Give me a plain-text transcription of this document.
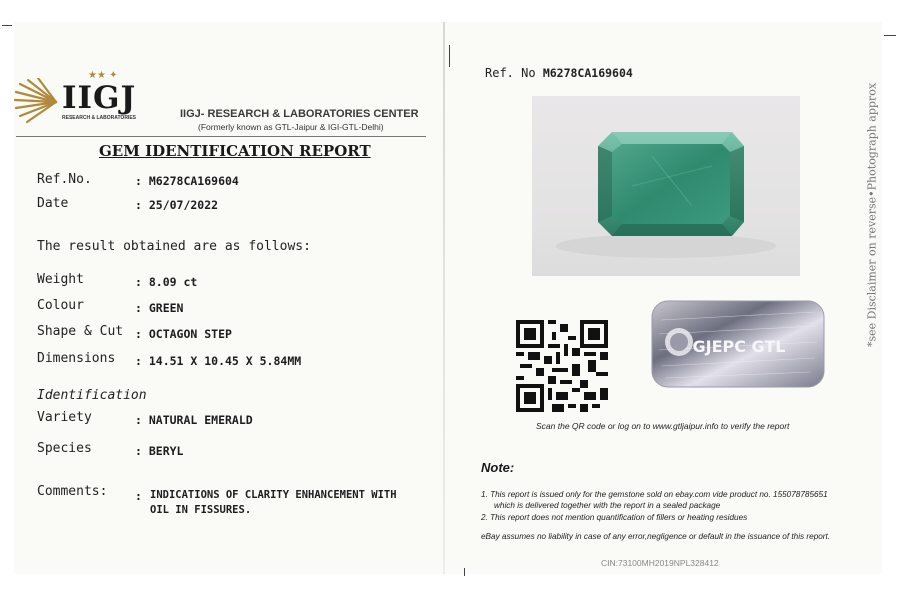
★★ ✦
IIGJ
RESEARCH & LABORATORIES	IIGJ- RESEARCH & LABORATORIES CENTER
(Formerly known as GTL-Jaipur & IGI-GTL-Delhi)
GEM IDENTIFICATION REPORT
Ref.No.	: M6278CA169604
Date	: 25/07/2022
The result obtained are as follows:
Weight	: 8.09 ct
Colour	: GREEN
Shape & Cut : OCTAGON STEP
Dimensions : 14.51 X 10.45 X 5.84MM
Identification
Variety	: NATURAL EMERALD
Species	: BERYL
Comments: : INDICATIONS OF CLARITY ENHANCEMENT WITH
OIL IN FISSURES.
Ref. No M6278CA169604
GJEPC GTL
Scan the QR code or log on to www.gtljaipur.info to verify the report
Note:
1. This report is issued only for the gemstone sold on ebay.com vide product no. 155078785651
which is delivered together with the report in a sealed package
2. This report does not mention quantification of fillers or heating residues
eBay assumes no liability in case of any error,negligence or default in the issuance of this report.
CIN:73100MH2019NPL328412
*see Disclaimer on reverse•Photograph approx
